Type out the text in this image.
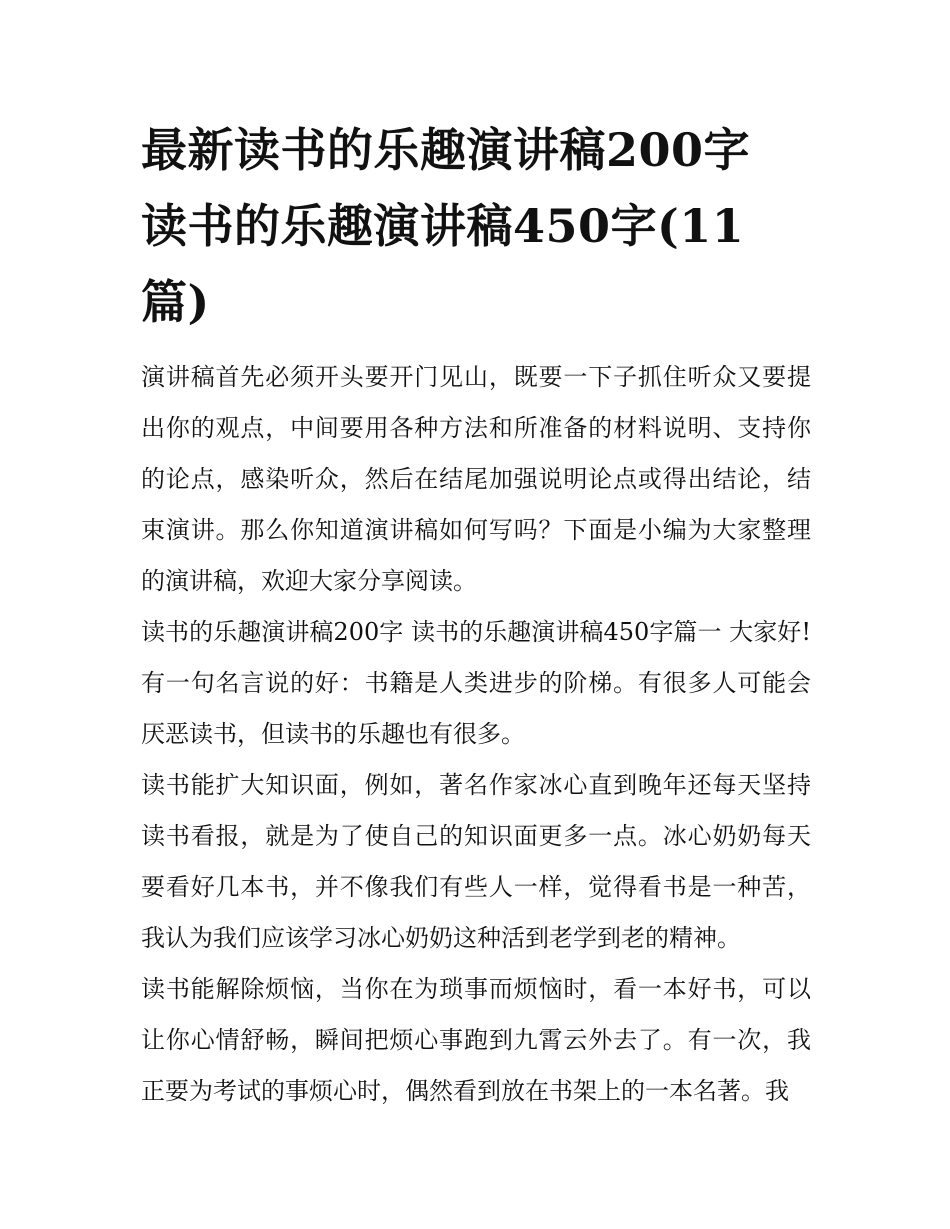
最新读书的乐趣演讲稿200字 读书的乐趣演讲稿450字(11篇)

演讲稿首先必须开头要开门见山，既要一下子抓住听众又要提出你的观点，中间要用各种方法和所准备的材料说明、支持你的论点，感染听众，然后在结尾加强说明论点或得出结论，结束演讲。那么你知道演讲稿如何写吗？下面是小编为大家整理的演讲稿，欢迎大家分享阅读。

读书的乐趣演讲稿200字 读书的乐趣演讲稿450字篇一 大家好! 有一句名言说的好：书籍是人类进步的阶梯。有很多人可能会厌恶读书，但读书的乐趣也有很多。

读书能扩大知识面，例如，著名作家冰心直到晚年还每天坚持读书看报，就是为了使自己的知识面更多一点。冰心奶奶每天要看好几本书，并不像我们有些人一样，觉得看书是一种苦，我认为我们应该学习冰心奶奶这种活到老学到老的精神。

读书能解除烦恼，当你在为琐事而烦恼时，看一本好书，可以让你心情舒畅，瞬间把烦心事跑到九霄云外去了。有一次，我正要为考试的事烦心时，偶然看到放在书架上的一本名著。我
